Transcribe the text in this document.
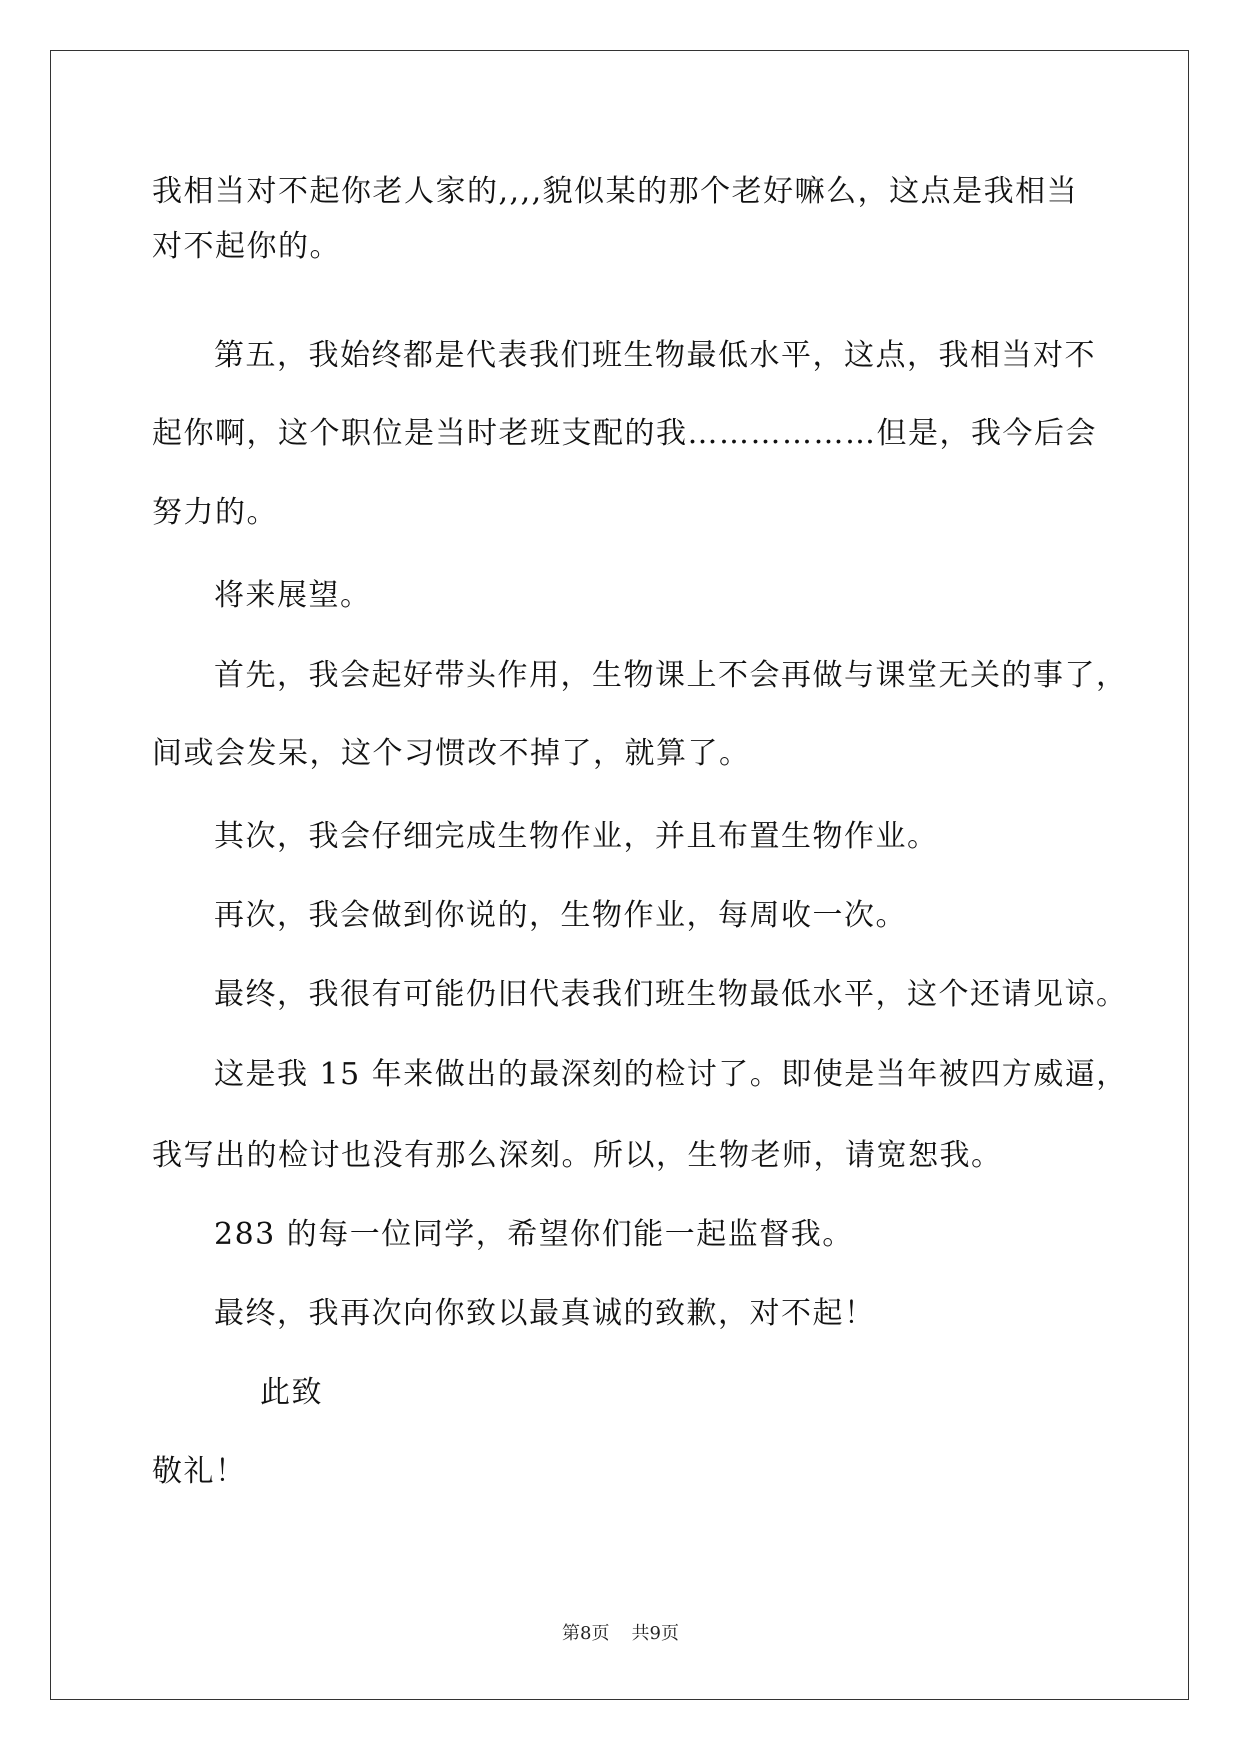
我相当对不起你老人家的,,,,貌似某的那个老好嘛么，这点是我相当
对不起你的。
第五，我始终都是代表我们班生物最低水平，这点，我相当对不
起你啊，这个职位是当时老班支配的我………………但是，我今后会
努力的。
将来展望。
首先，我会起好带头作用，生物课上不会再做与课堂无关的事了，
间或会发呆，这个习惯改不掉了，就算了。
其次，我会仔细完成生物作业，并且布置生物作业。
再次，我会做到你说的，生物作业，每周收一次。
最终，我很有可能仍旧代表我们班生物最低水平，这个还请见谅。
这是我 15 年来做出的最深刻的检讨了。即使是当年被四方威逼，
我写出的检讨也没有那么深刻。所以，生物老师，请宽恕我。
283 的每一位同学，希望你们能一起监督我。
最终，我再次向你致以最真诚的致歉，对不起！
此致
敬礼！
第8页 共9页
